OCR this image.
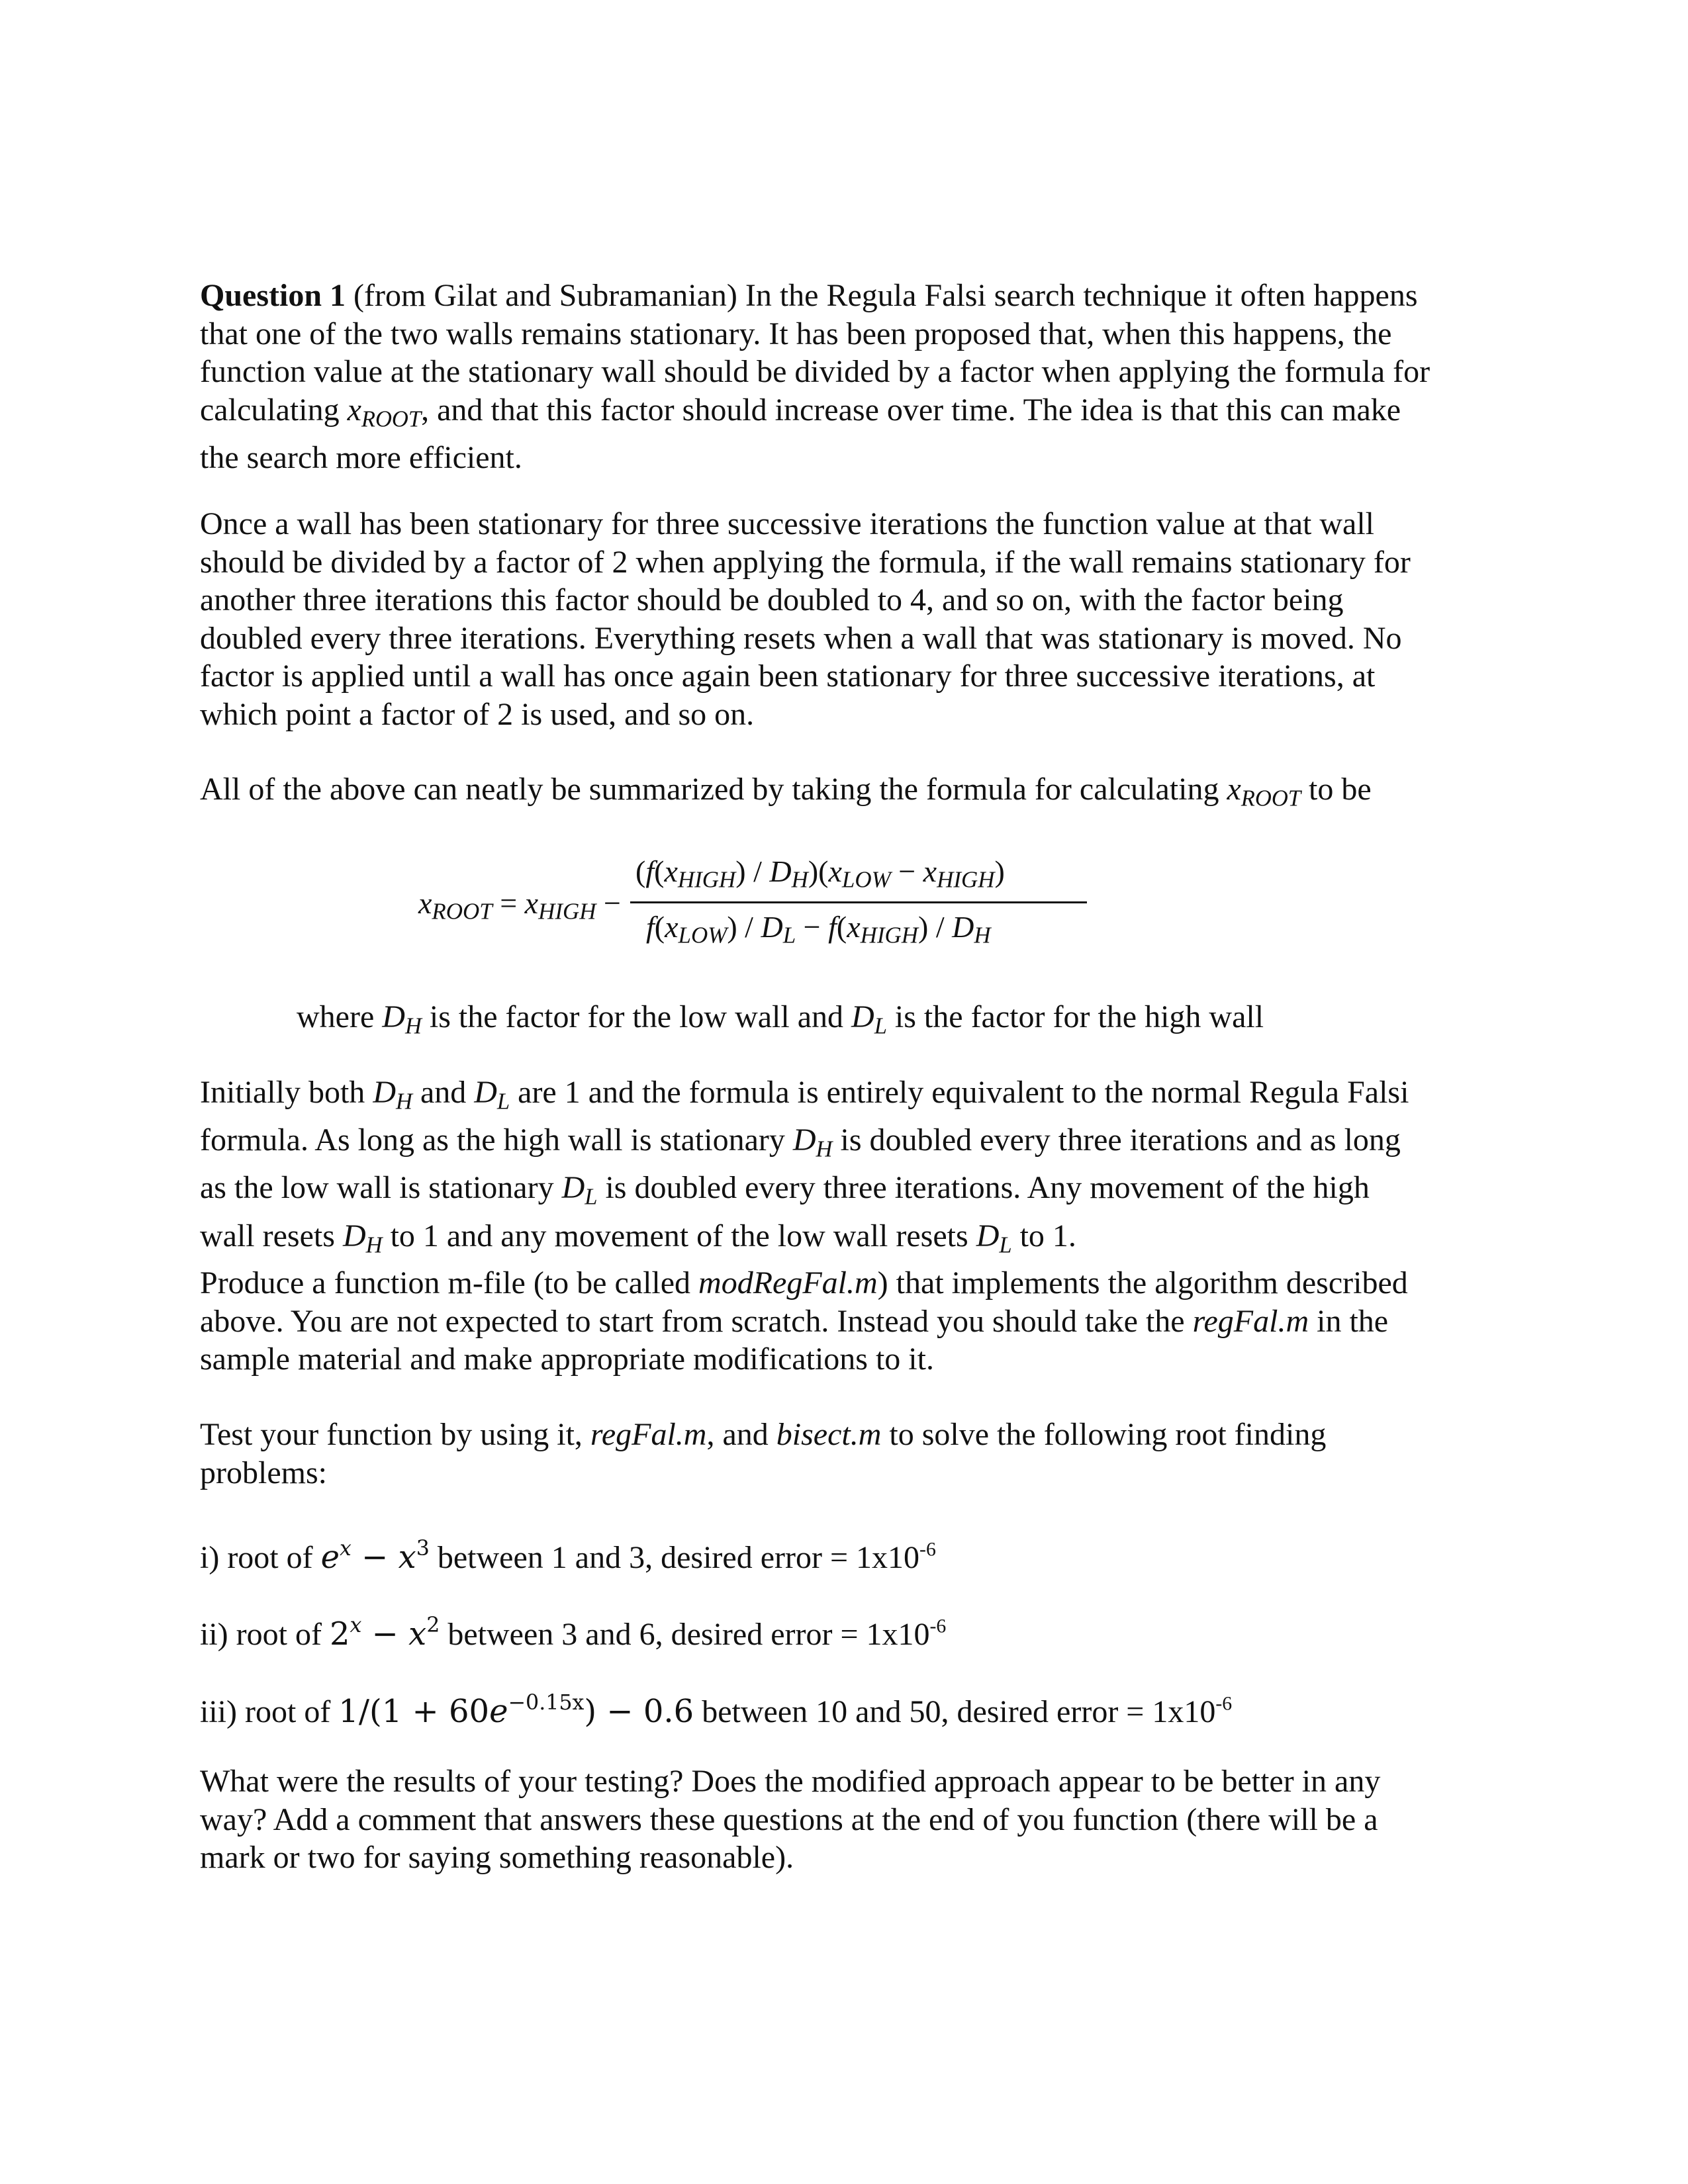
Question 1 (from Gilat and Subramanian) In the Regula Falsi search technique it often happens
that one of the two walls remains stationary. It has been proposed that, when this happens, the
function value at the stationary wall should be divided by a factor when applying the formula for
calculating $x_{ROOT}$, and that this factor should increase over time. The idea is that this can make
the search more efficient.
Once a wall has been stationary for three successive iterations the function value at that wall
should be divided by a factor of 2 when applying the formula, if the wall remains stationary for
another three iterations this factor should be doubled to 4, and so on, with the factor being
doubled every three iterations. Everything resets when a wall that was stationary is moved. No
factor is applied until a wall has once again been stationary for three successive iterations, at
which point a factor of 2 is used, and so on.
All of the above can neatly be summarized by taking the formula for calculating $x_{ROOT}$ to be
xROOT = xHIGH −
(f(xHIGH) / DH)(xLOW − xHIGH)
f(xLOW) / DL − f(xHIGH) / DH
where $D_H$ is the factor for the low wall and $D_L$ is the factor for the high wall
Initially both $D_H$ and $D_L$ are 1 and the formula is entirely equivalent to the normal Regula Falsi
formula. As long as the high wall is stationary $D_H$ is doubled every three iterations and as long
as the low wall is stationary $D_L$ is doubled every three iterations. Any movement of the high
wall resets $D_H$ to 1 and any movement of the low wall resets $D_L$ to 1.
Produce a function m-file (to be called modRegFal.m) that implements the algorithm described
above. You are not expected to start from scratch. Instead you should take the regFal.m in the
sample material and make appropriate modifications to it.
Test your function by using it, regFal.m, and bisect.m to solve the following root finding
problems:
i) root of $e^x - x^3$ between 1 and 3, desired error = $1x10^{-6}$
ii) root of $2^x - x^2$ between 3 and 6, desired error = $1x10^{-6}$
iii) root of $1/(1 + 60e^{-0.15x}) - 0.6$ between 10 and 50, desired error = $1x10^{-6}$
What were the results of your testing? Does the modified approach appear to be better in any
way? Add a comment that answers these questions at the end of you function (there will be a
mark or two for saying something reasonable).
